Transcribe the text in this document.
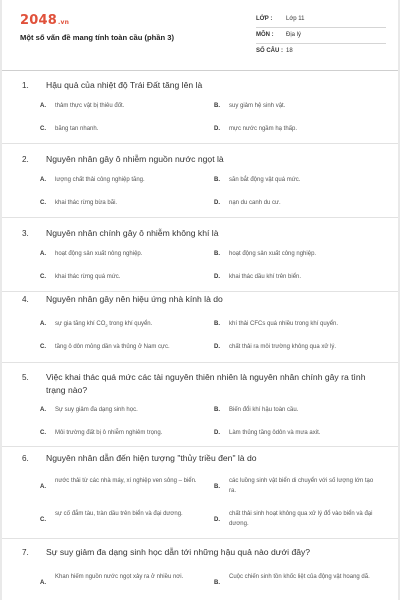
2048.vn
Một số vấn đề mang tính toàn cầu (phần 3)
LỚP : Lớp 11
MÔN : Địa lý
SỐ CÂU : 18
1. Hậu quả của nhiệt độ Trái Đất tăng lên là
A. thảm thực vật bị thiêu đốt.	B. suy giảm hệ sinh vật.
C. băng tan nhanh.	D. mực nước ngầm hạ thấp.
2. Nguyên nhân gây ô nhiễm nguồn nước ngọt là
A. lượng chất thải công nghiệp tăng.	B. săn bắt động vật quá mức.
C. khai thác rừng bừa bãi.	D. nạn du canh du cư.
3. Nguyên nhân chính gây ô nhiễm không khí là
A. hoạt động sản xuất nông nghiệp.	B. hoạt động sản xuất công nghiệp.
C. khai thác rừng quá mức.	D. khai thác dầu khí trên biển.
4. Nguyên nhân gây nên hiệu ứng nhà kính là do
A. sự gia tăng khí $CO_2$ trong khí quyển.	B. khí thải CFCs quá nhiều trong khí quyển.
C. tầng ô dôn mỏng dần và thủng ở Nam cực.	D. chất thải ra môi trường không qua xử lý.
5. Việc khai thác quá mức các tài nguyên thiên nhiên là nguyên nhân chính gây ra tình trạng nào?
A. Sự suy giảm đa dạng sinh học.	B. Biến đổi khí hậu toàn cầu.
C. Môi trường đất bị ô nhiễm nghiêm trọng.	D. Làm thủng tầng ôdôn và mưa axit.
6. Nguyên nhân dẫn đến hiện tượng "thủy triều đen" là do
A.
nước thải từ các nhà máy, xí nghiệp ven sông – biển.
B.
các luồng sinh vật biển di chuyển với số lượng lớn tạo ra.
C.
sự cố đắm tàu, tràn dầu trên biển và đại dương.
D.
chất thải sinh hoạt không qua xử lý đổ vào biển và đại dương.
7. Sự suy giảm đa dạng sinh học dẫn tới những hậu quả nào dưới đây?
A.
Khan hiếm nguồn nước ngọt xảy ra ở nhiều nơi.
B.
Cuộc chiến sinh tồn khốc liệt của động vật hoang dã.
